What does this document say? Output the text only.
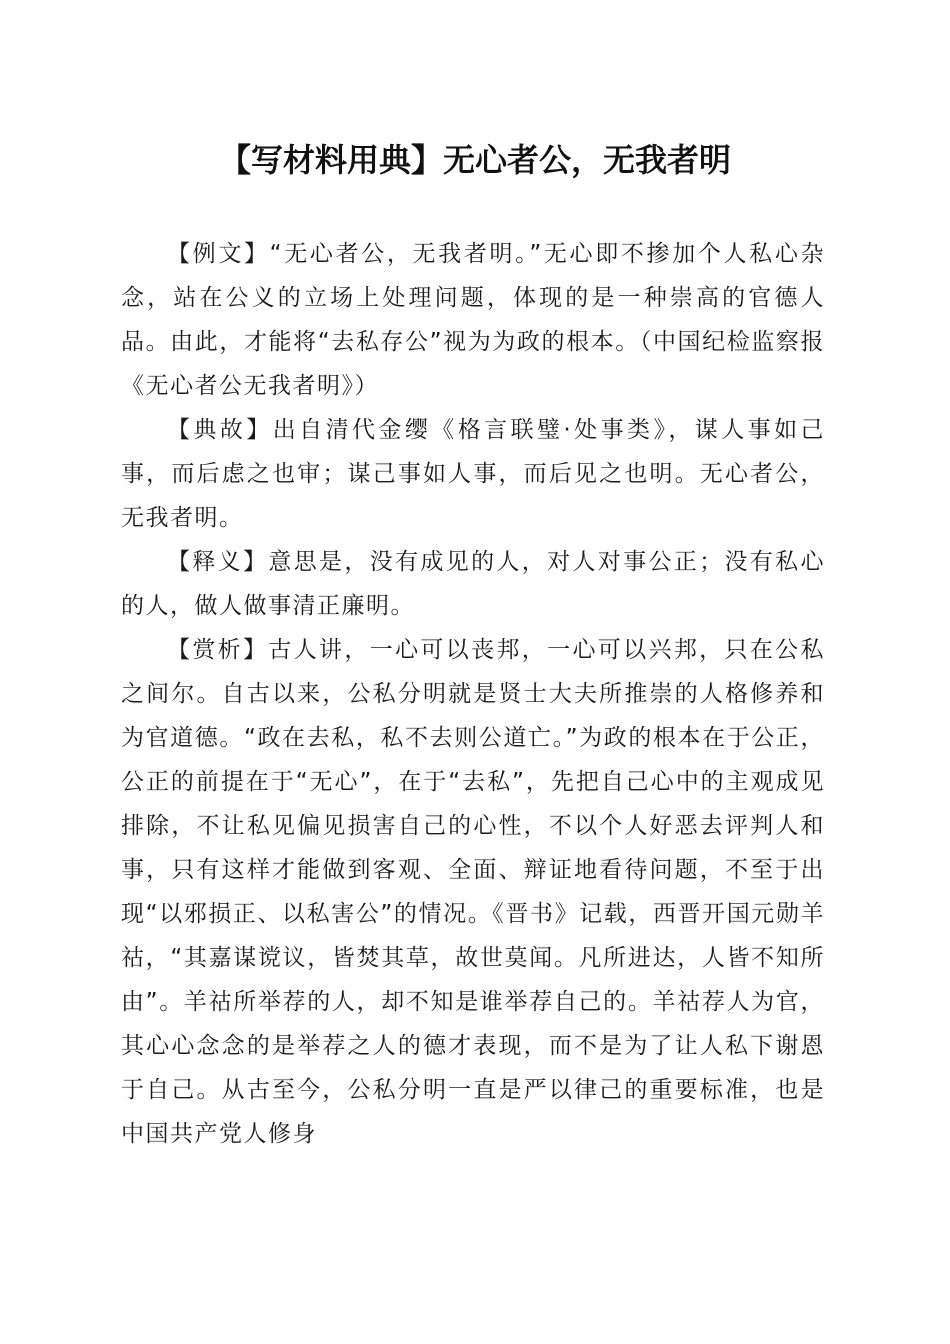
【写材料用典】无心者公，无我者明

【例文】“无心者公，无我者明。”无心即不掺加个人私心杂念，站在公义的立场上处理问题，体现的是一种崇高的官德人品。由此，才能将“去私存公”视为为政的根本。（中国纪检监察报《无心者公无我者明》）

【典故】出自清代金缨《格言联璧·处事类》，谋人事如己事，而后虑之也审；谋己事如人事，而后见之也明。无心者公，无我者明。

【释义】意思是，没有成见的人，对人对事公正；没有私心的人，做人做事清正廉明。

【赏析】古人讲，一心可以丧邦，一心可以兴邦，只在公私之间尔。自古以来，公私分明就是贤士大夫所推崇的人格修养和为官道德。“政在去私，私不去则公道亡。”为政的根本在于公正，公正的前提在于“无心”，在于“去私”，先把自己心中的主观成见排除，不让私见偏见损害自己的心性，不以个人好恶去评判人和事，只有这样才能做到客观、全面、辩证地看待问题，不至于出现“以邪损正、以私害公”的情况。《晋书》记载，西晋开国元勋羊祜，“其嘉谋谠议，皆焚其草，故世莫闻。凡所进达，人皆不知所由”。羊祜所举荐的人，却不知是谁举荐自己的。羊祜荐人为官，其心心念念的是举荐之人的德才表现，而不是为了让人私下谢恩于自己。从古至今，公私分明一直是严以律己的重要标准，也是中国共产党人修身
